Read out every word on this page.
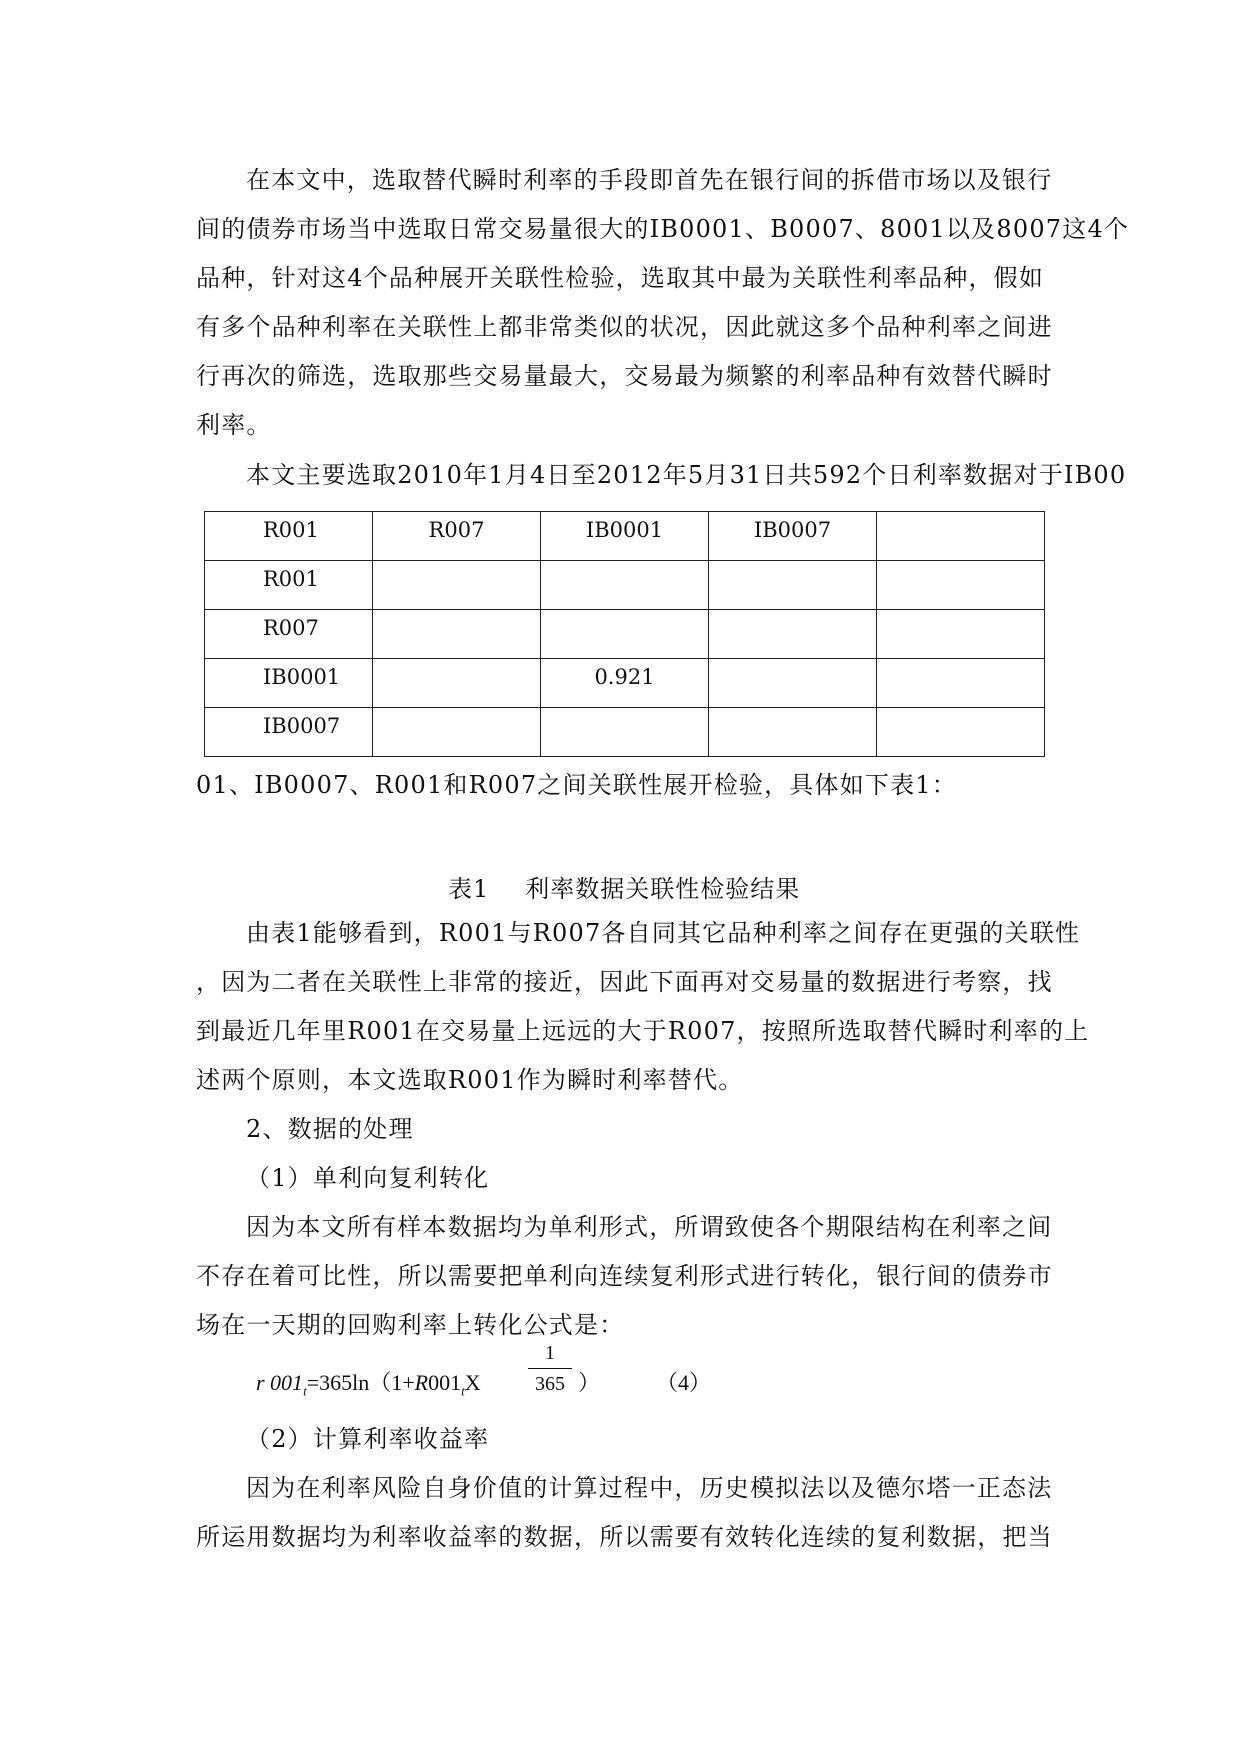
在本文中，选取替代瞬时利率的手段即首先在银行间的拆借市场以及银行
间的债券市场当中选取日常交易量很大的IB0001、B0007、8001以及8007这4个
品种，针对这4个品种展开关联性检验，选取其中最为关联性利率品种，假如
有多个品种利率在关联性上都非常类似的状况，因此就这多个品种利率之间进
行再次的筛选，选取那些交易量最大，交易最为频繁的利率品种有效替代瞬时
利率。
本文主要选取2010年1月4日至2012年5月31日共592个日利率数据对于IB00
R001	R007	IB0001	IB0007	
R001				
R007				
IB0001		0.921		
IB0007				
01、IB0007、R001和R007之间关联性展开检验，具体如下表1：
表1 利率数据关联性检验结果
由表1能够看到，R001与R007各自同其它品种利率之间存在更强的关联性
，因为二者在关联性上非常的接近，因此下面再对交易量的数据进行考察，找
到最近几年里R001在交易量上远远的大于R007，按照所选取替代瞬时利率的上
述两个原则，本文选取R001作为瞬时利率替代。
2、数据的处理
（1）单利向复利转化
因为本文所有样本数据均为单利形式，所谓致使各个期限结构在利率之间
不存在着可比性，所以需要把单利向连续复利形式进行转化，银行间的债券市
场在一天期的回购利率上转化公式是：
r $001_t=365\ln(1+R001_tX$
1
365 ）	（4）
（2）计算利率收益率
因为在利率风险自身价值的计算过程中，历史模拟法以及德尔塔一正态法
所运用数据均为利率收益率的数据，所以需要有效转化连续的复利数据，把当
